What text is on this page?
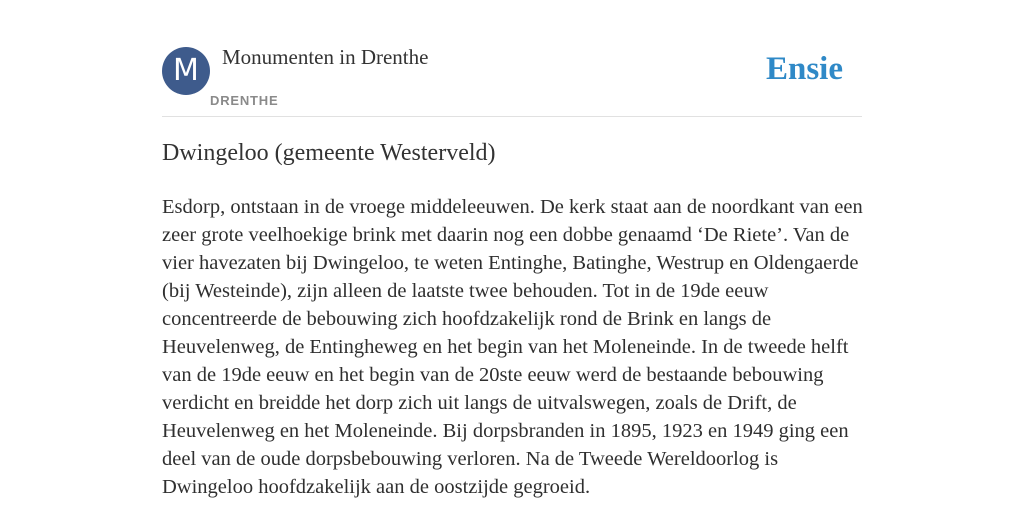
M	Monumenten in Drenthe
DRENTHE
Ensie
Dwingeloo (gemeente Westerveld)

Esdorp, ontstaan in de vroege middeleeuwen. De kerk staat aan de noordkant van een zeer grote veelhoekige brink met daarin nog een dobbe genaamd ‘De Riete’. Van de vier havezaten bij Dwingeloo, te weten Entinghe, Batinghe, Westrup en Oldengaerde (bij Westeinde), zijn alleen de laatste twee behouden. Tot in de 19de eeuw concentreerde de bebouwing zich hoofdzakelijk rond de Brink en langs de Heuvelenweg, de Entingheweg en het begin van het Moleneinde. In de tweede helft van de 19de eeuw en het begin van de 20ste eeuw werd de bestaande bebouwing verdicht en breidde het dorp zich uit langs de uitvalswegen, zoals de Drift, de Heuvelenweg en het Moleneinde. Bij dorpsbranden in 1895, 1923 en 1949 ging een deel van de oude dorpsbebouwing verloren. Na de Tweede Wereldoorlog is Dwingeloo hoofdzakelijk aan de oostzijde gegroeid.
